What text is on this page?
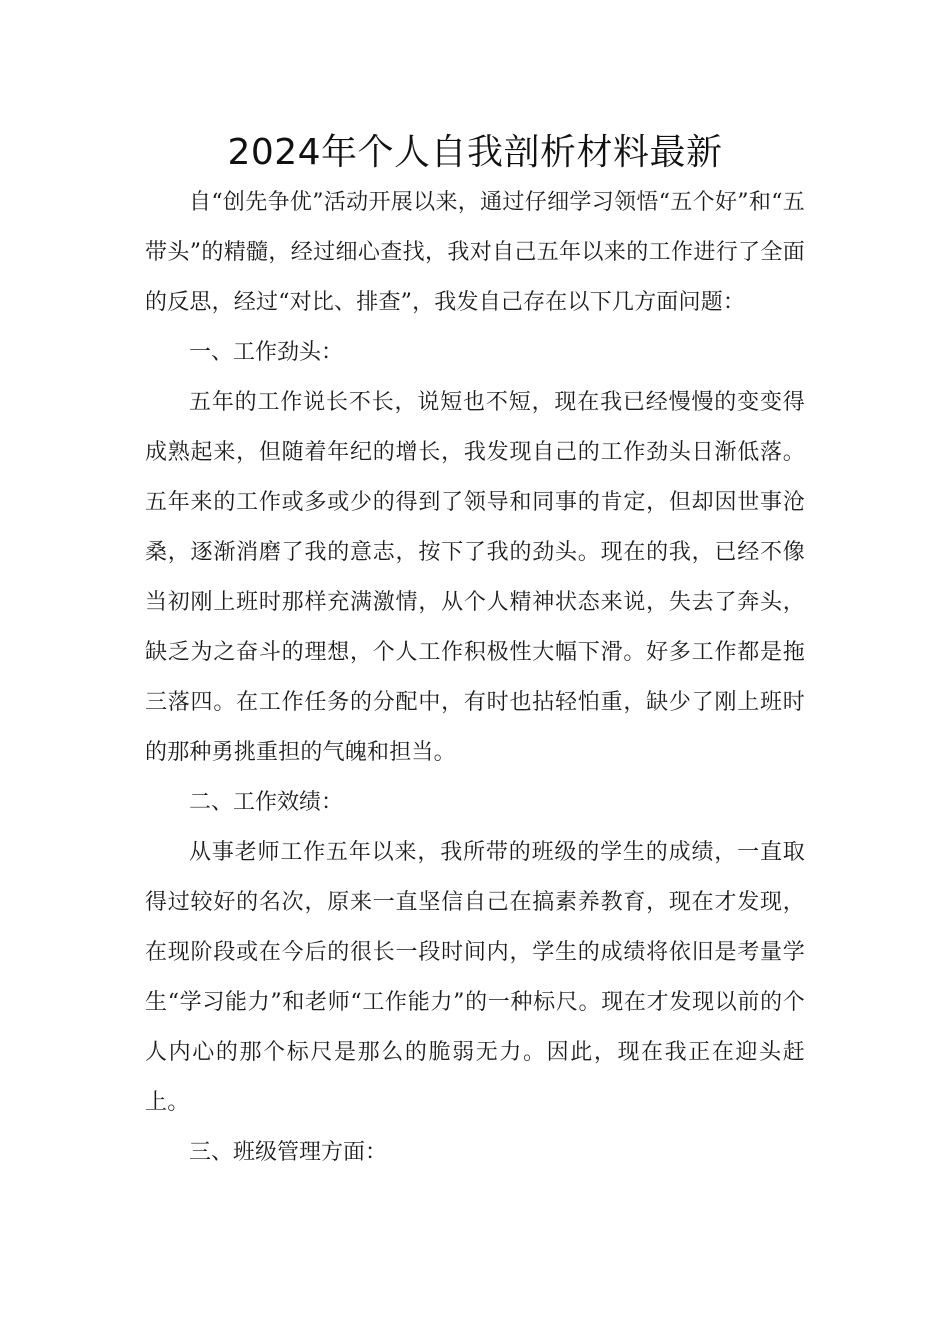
2024年个人自我剖析材料最新

自“创先争优”活动开展以来，通过仔细学习领悟“五个好”和“五带头”的精髓，经过细心查找，我对自己五年以来的工作进行了全面的反思，经过“对比、排查”，我发自己存在以下几方面问题：

一、工作劲头：

五年的工作说长不长，说短也不短，现在我已经慢慢的变变得成熟起来，但随着年纪的增长，我发现自己的工作劲头日渐低落。五年来的工作或多或少的得到了领导和同事的肯定，但却因世事沧桑，逐渐消磨了我的意志，按下了我的劲头。现在的我，已经不像当初刚上班时那样充满激情，从个人精神状态来说，失去了奔头，缺乏为之奋斗的理想，个人工作积极性大幅下滑。好多工作都是拖三落四。在工作任务的分配中，有时也拈轻怕重，缺少了刚上班时的那种勇挑重担的气魄和担当。

二、工作效绩：

从事老师工作五年以来，我所带的班级的学生的成绩，一直取得过较好的名次，原来一直坚信自己在搞素养教育，现在才发现，在现阶段或在今后的很长一段时间内，学生的成绩将依旧是考量学生“学习能力”和老师“工作能力”的一种标尺。现在才发现以前的个人内心的那个标尺是那么的脆弱无力。因此，现在我正在迎头赶上。

三、班级管理方面：
